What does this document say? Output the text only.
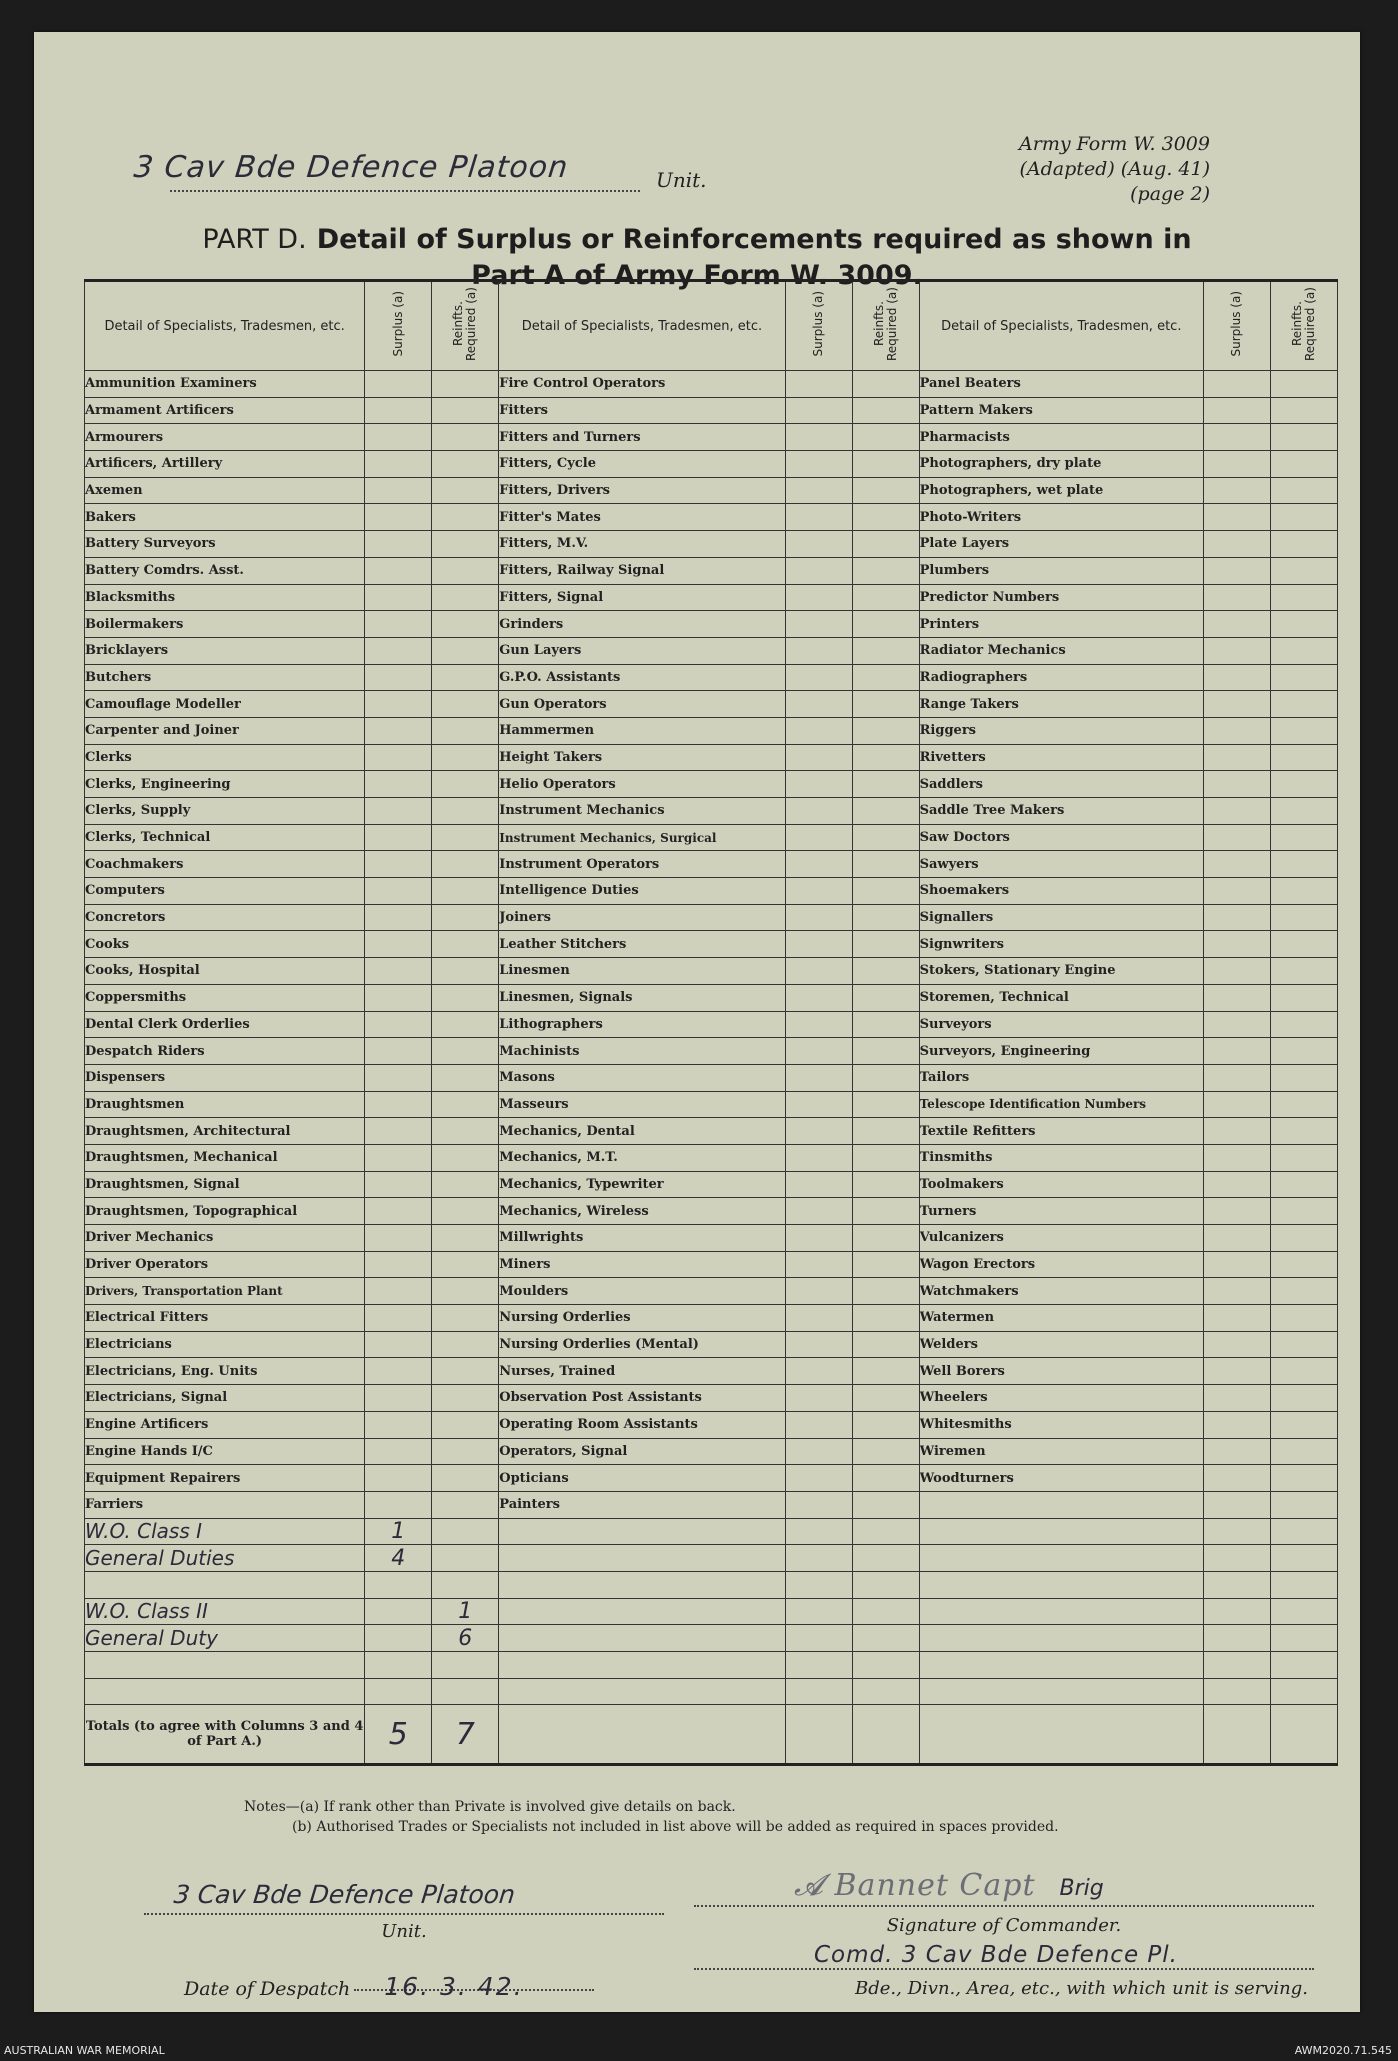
3 Cav Bde Defence Platoon	Unit.
Army Form W. 3009
(Adapted) (Aug. 41)
(page 2)
PART D. Detail of Surplus or Reinforcements required as shown in
Part A of Army Form W. 3009.
Detail of Specialists, Tradesmen, etc.	Surplus (a)	Reinfts. Required (a)	Detail of Specialists, Tradesmen, etc.	Surplus (a)	Reinfts. Required (a)	Detail of Specialists, Tradesmen, etc.	Surplus (a)	Reinfts. Required (a)
Ammunition Examiners			Fire Control Operators			Panel Beaters		
Armament Artificers			Fitters			Pattern Makers		
Armourers			Fitters and Turners			Pharmacists		
Artificers, Artillery			Fitters, Cycle			Photographers, dry plate		
Axemen			Fitters, Drivers			Photographers, wet plate		
Bakers			Fitter's Mates			Photo-Writers		
Battery Surveyors			Fitters, M.V.			Plate Layers		
Battery Comdrs. Asst.			Fitters, Railway Signal			Plumbers		
Blacksmiths			Fitters, Signal			Predictor Numbers		
Boilermakers			Grinders			Printers		
Bricklayers			Gun Layers			Radiator Mechanics		
Butchers			G.P.O. Assistants			Radiographers		
Camouflage Modeller			Gun Operators			Range Takers		
Carpenter and Joiner			Hammermen			Riggers		
Clerks			Height Takers			Rivetters		
Clerks, Engineering			Helio Operators			Saddlers		
Clerks, Supply			Instrument Mechanics			Saddle Tree Makers		
Clerks, Technical			Instrument Mechanics, Surgical			Saw Doctors		
Coachmakers			Instrument Operators			Sawyers		
Computers			Intelligence Duties			Shoemakers		
Concretors			Joiners			Signallers		
Cooks			Leather Stitchers			Signwriters		
Cooks, Hospital			Linesmen			Stokers, Stationary Engine		
Coppersmiths			Linesmen, Signals			Storemen, Technical		
Dental Clerk Orderlies			Lithographers			Surveyors		
Despatch Riders			Machinists			Surveyors, Engineering		
Dispensers			Masons			Tailors		
Draughtsmen			Masseurs			Telescope Identification Numbers		
Draughtsmen, Architectural			Mechanics, Dental			Textile Refitters		
Draughtsmen, Mechanical			Mechanics, M.T.			Tinsmiths		
Draughtsmen, Signal			Mechanics, Typewriter			Toolmakers		
Draughtsmen, Topographical			Mechanics, Wireless			Turners		
Driver Mechanics			Millwrights			Vulcanizers		
Driver Operators			Miners			Wagon Erectors		
Drivers, Transportation Plant			Moulders			Watchmakers		
Electrical Fitters			Nursing Orderlies			Watermen		
Electricians			Nursing Orderlies (Mental)			Welders		
Electricians, Eng. Units			Nurses, Trained			Well Borers		
Electricians, Signal			Observation Post Assistants			Wheelers		
Engine Artificers			Operating Room Assistants			Whitesmiths		
Engine Hands I/C			Operators, Signal			Wiremen		
Equipment Repairers			Opticians			Woodturners		
Farriers			Painters					
W.O. Class I	1							
General Duties	4							

W.O. Class II		1						
General Duty		6						

Totals (to agree with Columns 3 and 4 of Part A.)	5	7						
Notes—(a) If rank other than Private is involved give details on back.
(b) Authorised Trades or Specialists not included in list above will be added as required in spaces provided.
3 Cav Bde Defence Platoon
Unit.
𝓐 Bannet Capt Brig
Signature of Commander.
Comd. 3 Cav Bde Defence Pl.
Bde., Divn., Area, etc., with which unit is serving.
Date of Despatch 16. 3. 42.
AUSTRALIAN WAR MEMORIAL	AWM2020.71.545
